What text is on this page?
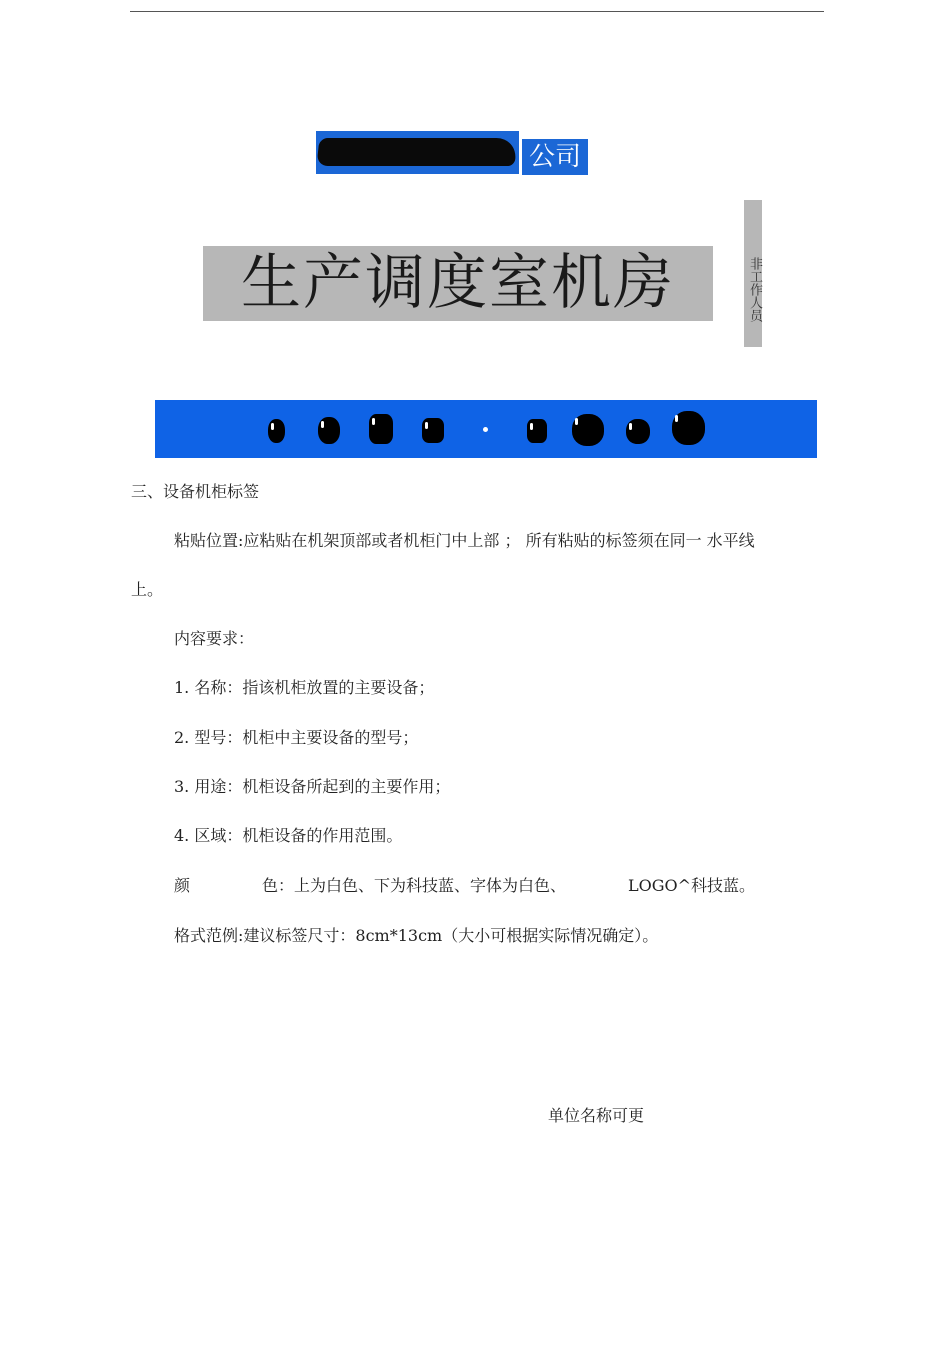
公司
生产调度室机房	非工作人员
三、设备机柜标签
粘贴位置:应粘贴在机架顶部或者机柜门中上部 ； 所有粘贴的标签须在同一 水平线
上。
内容要求：
1. 名称：指该机柜放置的主要设备；
2. 型号：机柜中主要设备的型号；
3. 用途：机柜设备所起到的主要作用；
4. 区域：机柜设备的作用范围。
颜	色：上为白色、下为科技蓝、字体为白色、	LOGO^科技蓝。
格式范例:建议标签尺寸：8cm*13cm（大小可根据实际情况确定）。
单位名称可更
